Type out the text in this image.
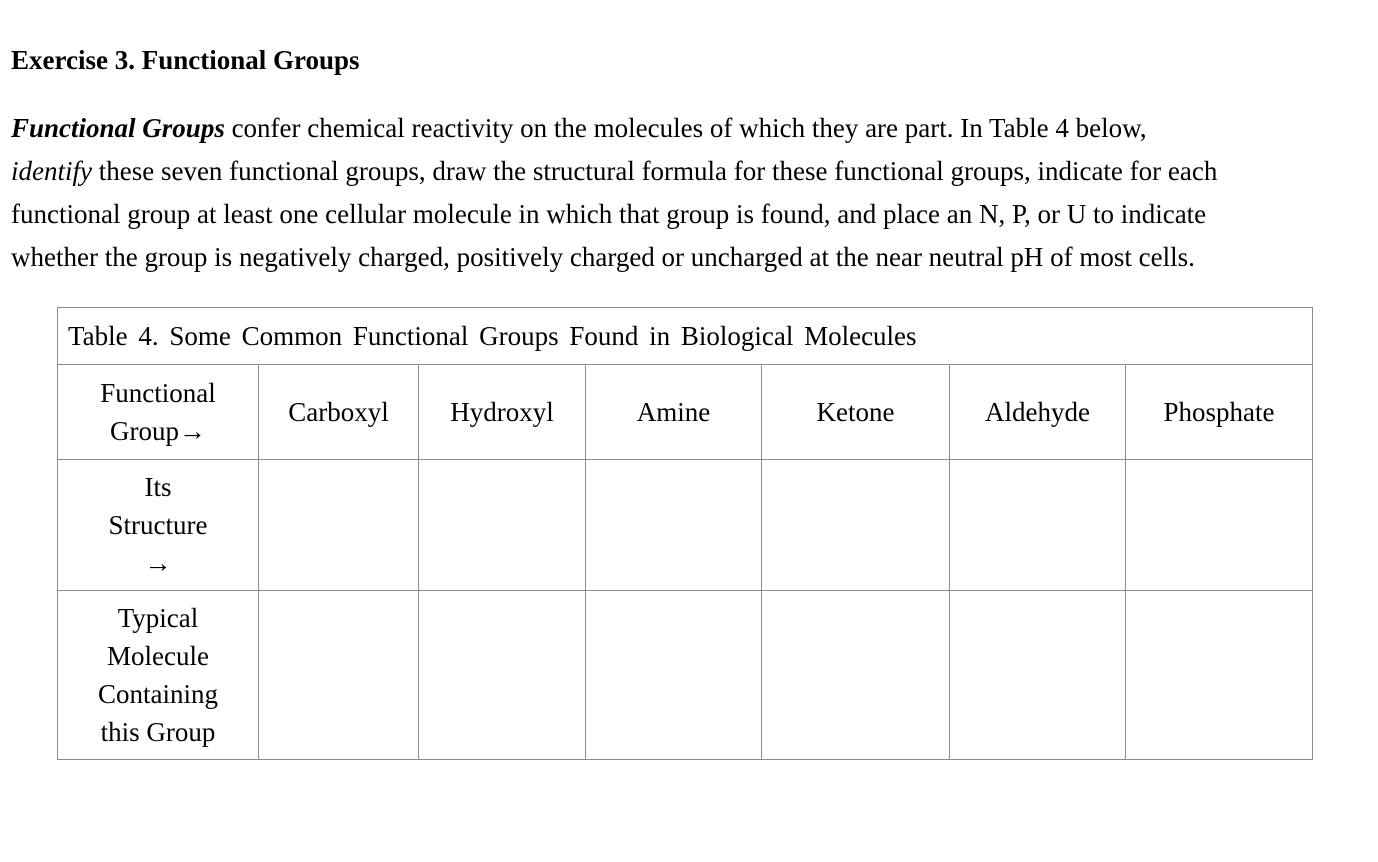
Exercise 3. Functional Groups
Functional Groups confer chemical reactivity on the molecules of which they are part. In Table 4 below,
identify these seven functional groups, draw the structural formula for these functional groups, indicate for each
functional group at least one cellular molecule in which that group is found, and place an N, P, or U to indicate
whether the group is negatively charged, positively charged or uncharged at the near neutral pH of most cells.
Table 4. Some Common Functional Groups Found in Biological Molecules						

Functional
Group→	Carboxyl	Hydroxyl	Amine	Ketone	Aldehyde	Phosphate

Its
Structure
→						

Typical
Molecule
Containing
this Group						
